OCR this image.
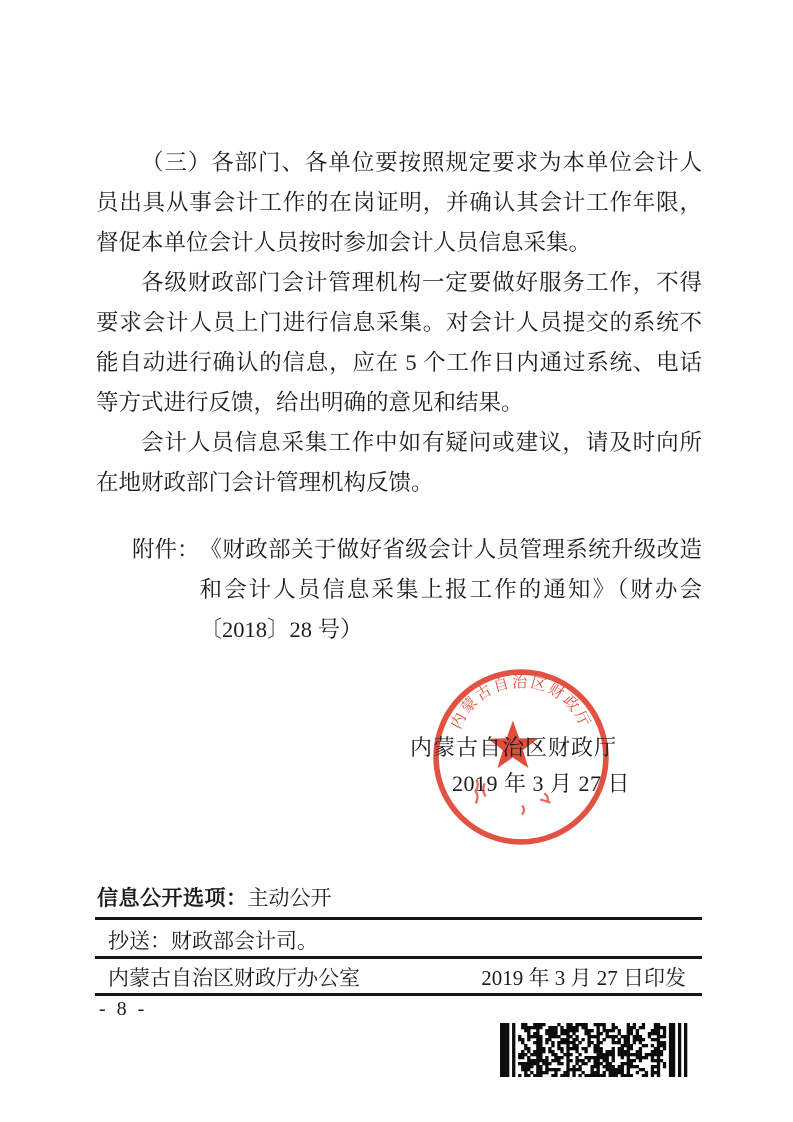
（三）各部门、各单位要按照规定要求为本单位会计人员出具从事会计工作的在岗证明，并确认其会计工作年限，督促本单位会计人员按时参加会计人员信息采集。

各级财政部门会计管理机构一定要做好服务工作，不得要求会计人员上门进行信息采集。对会计人员提交的系统不能自动进行确认的信息，应在 5 个工作日内通过系统、电话等方式进行反馈，给出明确的意见和结果。

会计人员信息采集工作中如有疑问或建议，请及时向所在地财政部门会计管理机构反馈。

附件： 《财政部关于做好省级会计人员管理系统升级改造和会计人员信息采集上报工作的通知》（财办会〔2018〕28 号）
内蒙古自治区财政厅
内蒙古自治区财政厅
2019 年 3 月 27 日
信息公开选项：主动公开
抄送：财政部会计司。
内蒙古自治区财政厅办公室	2019 年 3 月 27 日印发
- 8 -
